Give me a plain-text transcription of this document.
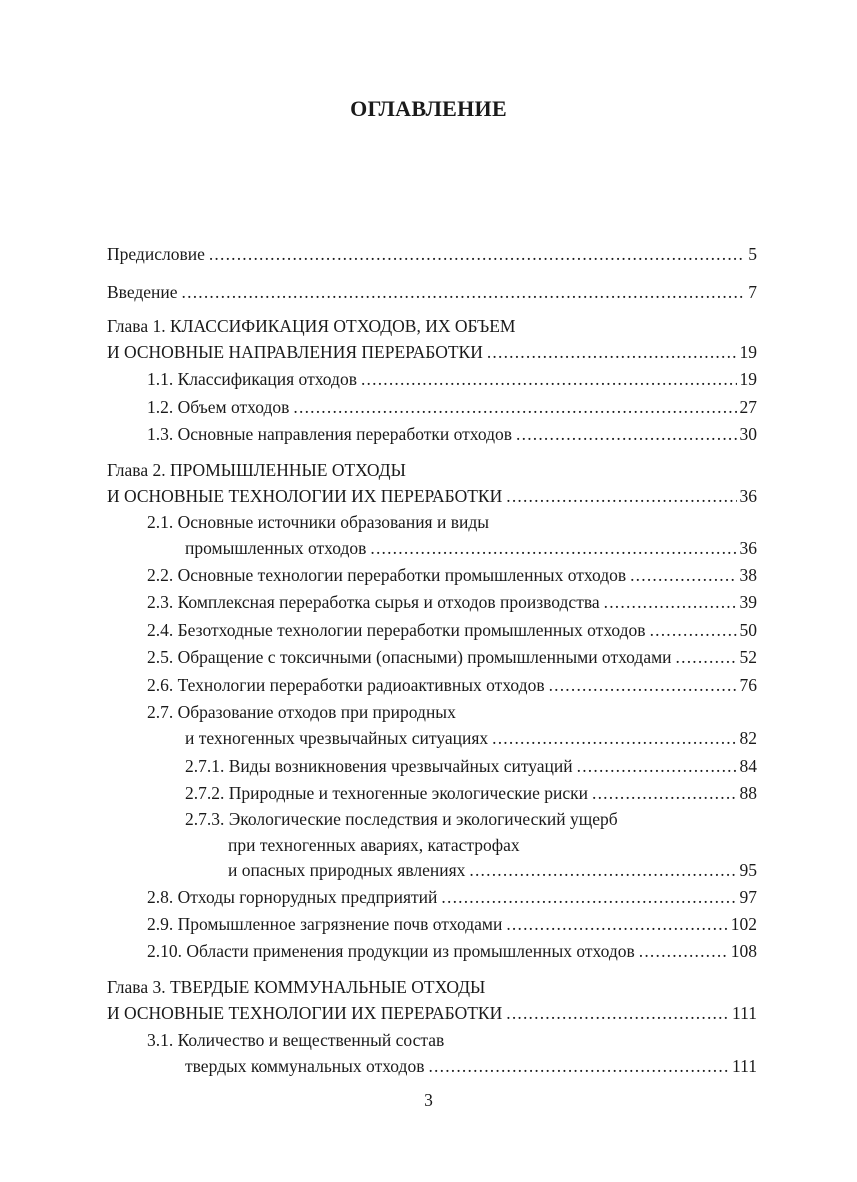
ОГЛАВЛЕНИЕ
Предисловие .....	5
Введение .....	7
Глава 1. КЛАССИФИКАЦИЯ ОТХОДОВ, ИХ ОБЪЕМ
И ОСНОВНЫЕ НАПРАВЛЕНИЯ ПЕРЕРАБОТКИ .....	19
1.1. Классификация отходов .....	19
1.2. Объем отходов .....	27
1.3. Основные направления переработки отходов .....	30
Глава 2. ПРОМЫШЛЕННЫЕ ОТХОДЫ
И ОСНОВНЫЕ ТЕХНОЛОГИИ ИХ ПЕРЕРАБОТКИ .....	36
2.1. Основные источники образования и виды
промышленных отходов .....	36
2.2. Основные технологии переработки промышленных отходов .....	38
2.3. Комплексная переработка сырья и отходов производства .....	39
2.4. Безотходные технологии переработки промышленных отходов .....	50
2.5. Обращение с токсичными (опасными) промышленными отходами .....	52
2.6. Технологии переработки радиоактивных отходов .....	76
2.7. Образование отходов при природных
и техногенных чрезвычайных ситуациях .....	82
2.7.1. Виды возникновения чрезвычайных ситуаций .....	84
2.7.2. Природные и техногенные экологические риски .....	88
2.7.3. Экологические последствия и экологический ущерб
при техногенных авариях, катастрофах
и опасных природных явлениях .....	95
2.8. Отходы горнорудных предприятий .....	97
2.9. Промышленное загрязнение почв отходами .....	102
2.10. Области применения продукции из промышленных отходов .....	108
Глава 3. ТВЕРДЫЕ КОММУНАЛЬНЫЕ ОТХОДЫ
И ОСНОВНЫЕ ТЕХНОЛОГИИ ИХ ПЕРЕРАБОТКИ .....	111
3.1. Количество и вещественный состав
твердых коммунальных отходов .....	111
3
